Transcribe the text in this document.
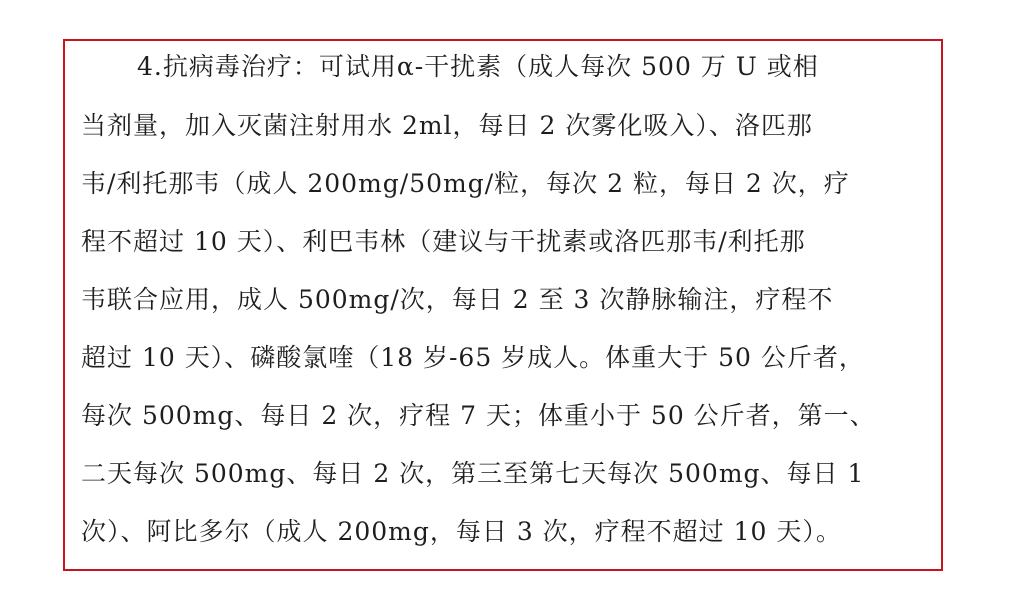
4.抗病毒治疗：可试用α-干扰素（成人每次 500 万 U 或相
当剂量，加入灭菌注射用水 2ml，每日 2 次雾化吸入）、洛匹那
韦/利托那韦（成人 200mg/50mg/粒，每次 2 粒，每日 2 次，疗
程不超过 10 天）、利巴韦林（建议与干扰素或洛匹那韦/利托那
韦联合应用，成人 500mg/次，每日 2 至 3 次静脉输注，疗程不
超过 10 天）、磷酸氯喹（18 岁-65 岁成人。体重大于 50 公斤者，
每次 500mg、每日 2 次，疗程 7 天；体重小于 50 公斤者，第一、
二天每次 500mg、每日 2 次，第三至第七天每次 500mg、每日 1
次）、阿比多尔（成人 200mg，每日 3 次，疗程不超过 10 天）。
